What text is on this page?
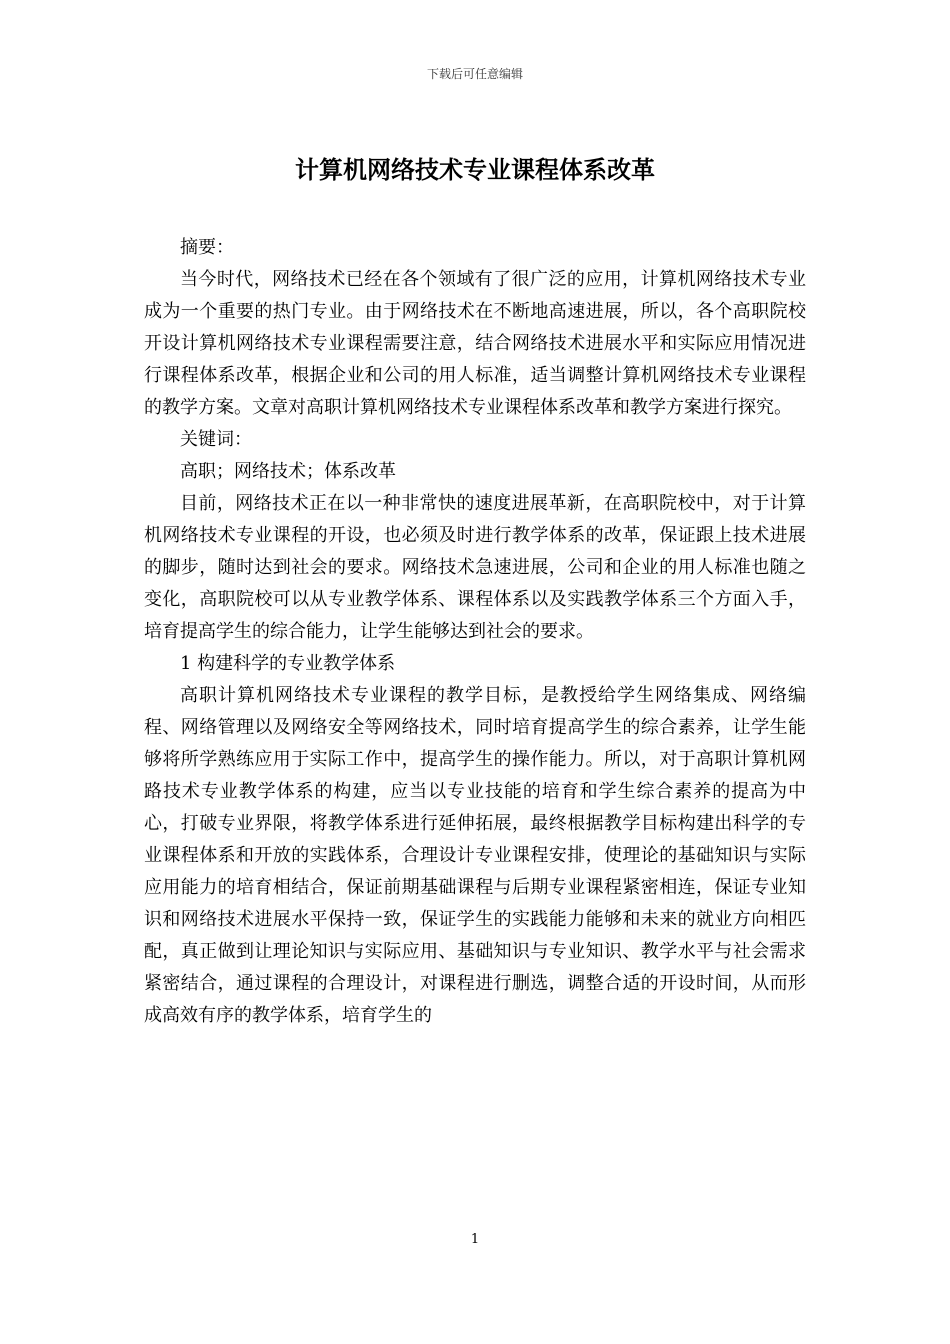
下载后可任意编辑
计算机网络技术专业课程体系改革

摘要：

当今时代，网络技术已经在各个领域有了很广泛的应用，计算机网络技术专业成为一个重要的热门专业。由于网络技术在不断地高速进展，所以，各个高职院校开设计算机网络技术专业课程需要注意，结合网络技术进展水平和实际应用情况进行课程体系改革，根据企业和公司的用人标准，适当调整计算机网络技术专业课程的教学方案。文章对高职计算机网络技术专业课程体系改革和教学方案进行探究。

关键词：

高职；网络技术；体系改革

目前，网络技术正在以一种非常快的速度进展革新，在高职院校中，对于计算机网络技术专业课程的开设，也必须及时进行教学体系的改革，保证跟上技术进展的脚步，随时达到社会的要求。网络技术急速进展，公司和企业的用人标准也随之变化，高职院校可以从专业教学体系、课程体系以及实践教学体系三个方面入手，培育提高学生的综合能力，让学生能够达到社会的要求。

1 构建科学的专业教学体系

高职计算机网络技术专业课程的教学目标，是教授给学生网络集成、网络编程、网络管理以及网络安全等网络技术，同时培育提高学生的综合素养，让学生能够将所学熟练应用于实际工作中，提高学生的操作能力。所以，对于高职计算机网路技术专业教学体系的构建，应当以专业技能的培育和学生综合素养的提高为中心，打破专业界限，将教学体系进行延伸拓展，最终根据教学目标构建出科学的专业课程体系和开放的实践体系，合理设计专业课程安排，使理论的基础知识与实际应用能力的培育相结合，保证前期基础课程与后期专业课程紧密相连，保证专业知识和网络技术进展水平保持一致，保证学生的实践能力能够和未来的就业方向相匹配，真正做到让理论知识与实际应用、基础知识与专业知识、教学水平与社会需求紧密结合，通过课程的合理设计，对课程进行删选，调整合适的开设时间，从而形成高效有序的教学体系，培育学生的

1
